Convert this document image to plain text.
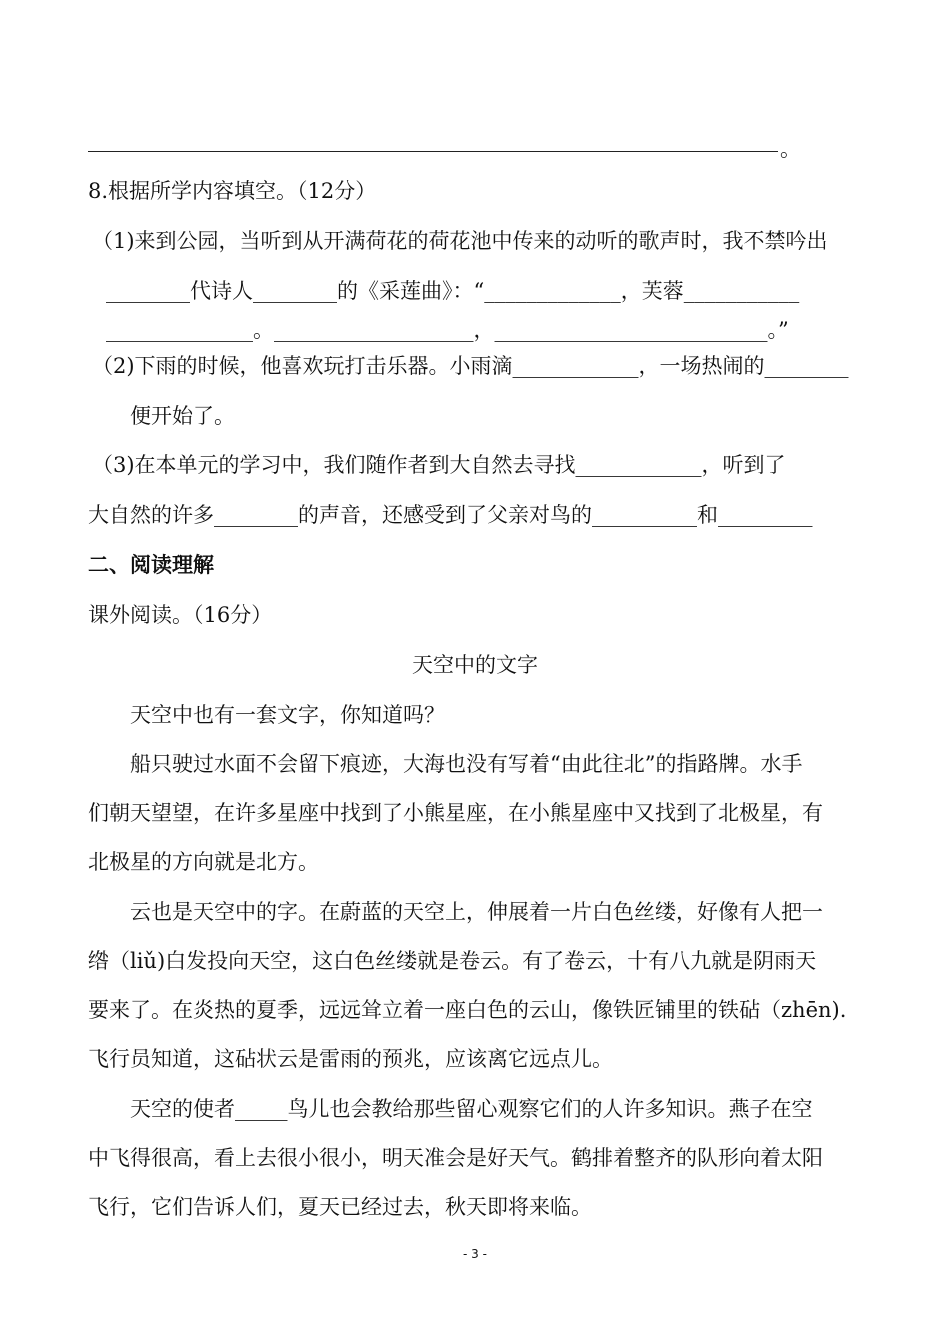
。
8.根据所学内容填空。（12分）
（1)来到公园，当听到从开满荷花的荷花池中传来的动听的歌声时，我不禁吟出
________代诗人________的《采莲曲》：“_____________，芙蓉___________
______________。___________________，__________________________。”
（2)下雨的时候，他喜欢玩打击乐器。小雨滴____________，一场热闹的________
便开始了。
（3)在本单元的学习中，我们随作者到大自然去寻找____________，听到了
大自然的许多________的声音，还感受到了父亲对鸟的__________和_________
二、阅读理解
课外阅读。（16分）
天空中的文字
天空中也有一套文字，你知道吗？
船只驶过水面不会留下痕迹，大海也没有写着“由此往北”的指路牌。水手
们朝天望望，在许多星座中找到了小熊星座，在小熊星座中又找到了北极星，有
北极星的方向就是北方。
云也是天空中的字。在蔚蓝的天空上，伸展着一片白色丝缕，好像有人把一
绺（liǔ)白发投向天空，这白色丝缕就是卷云。有了卷云，十有八九就是阴雨天
要来了。在炎热的夏季，远远耸立着一座白色的云山，像铁匠铺里的铁砧（zhēn).
飞行员知道，这砧状云是雷雨的预兆，应该离它远点儿。
天空的使者_____鸟儿也会教给那些留心观察它们的人许多知识。燕子在空
中飞得很高，看上去很小很小，明天准会是好天气。鹤排着整齐的队形向着太阳
飞行，它们告诉人们，夏天已经过去，秋天即将来临。
- 3 -
